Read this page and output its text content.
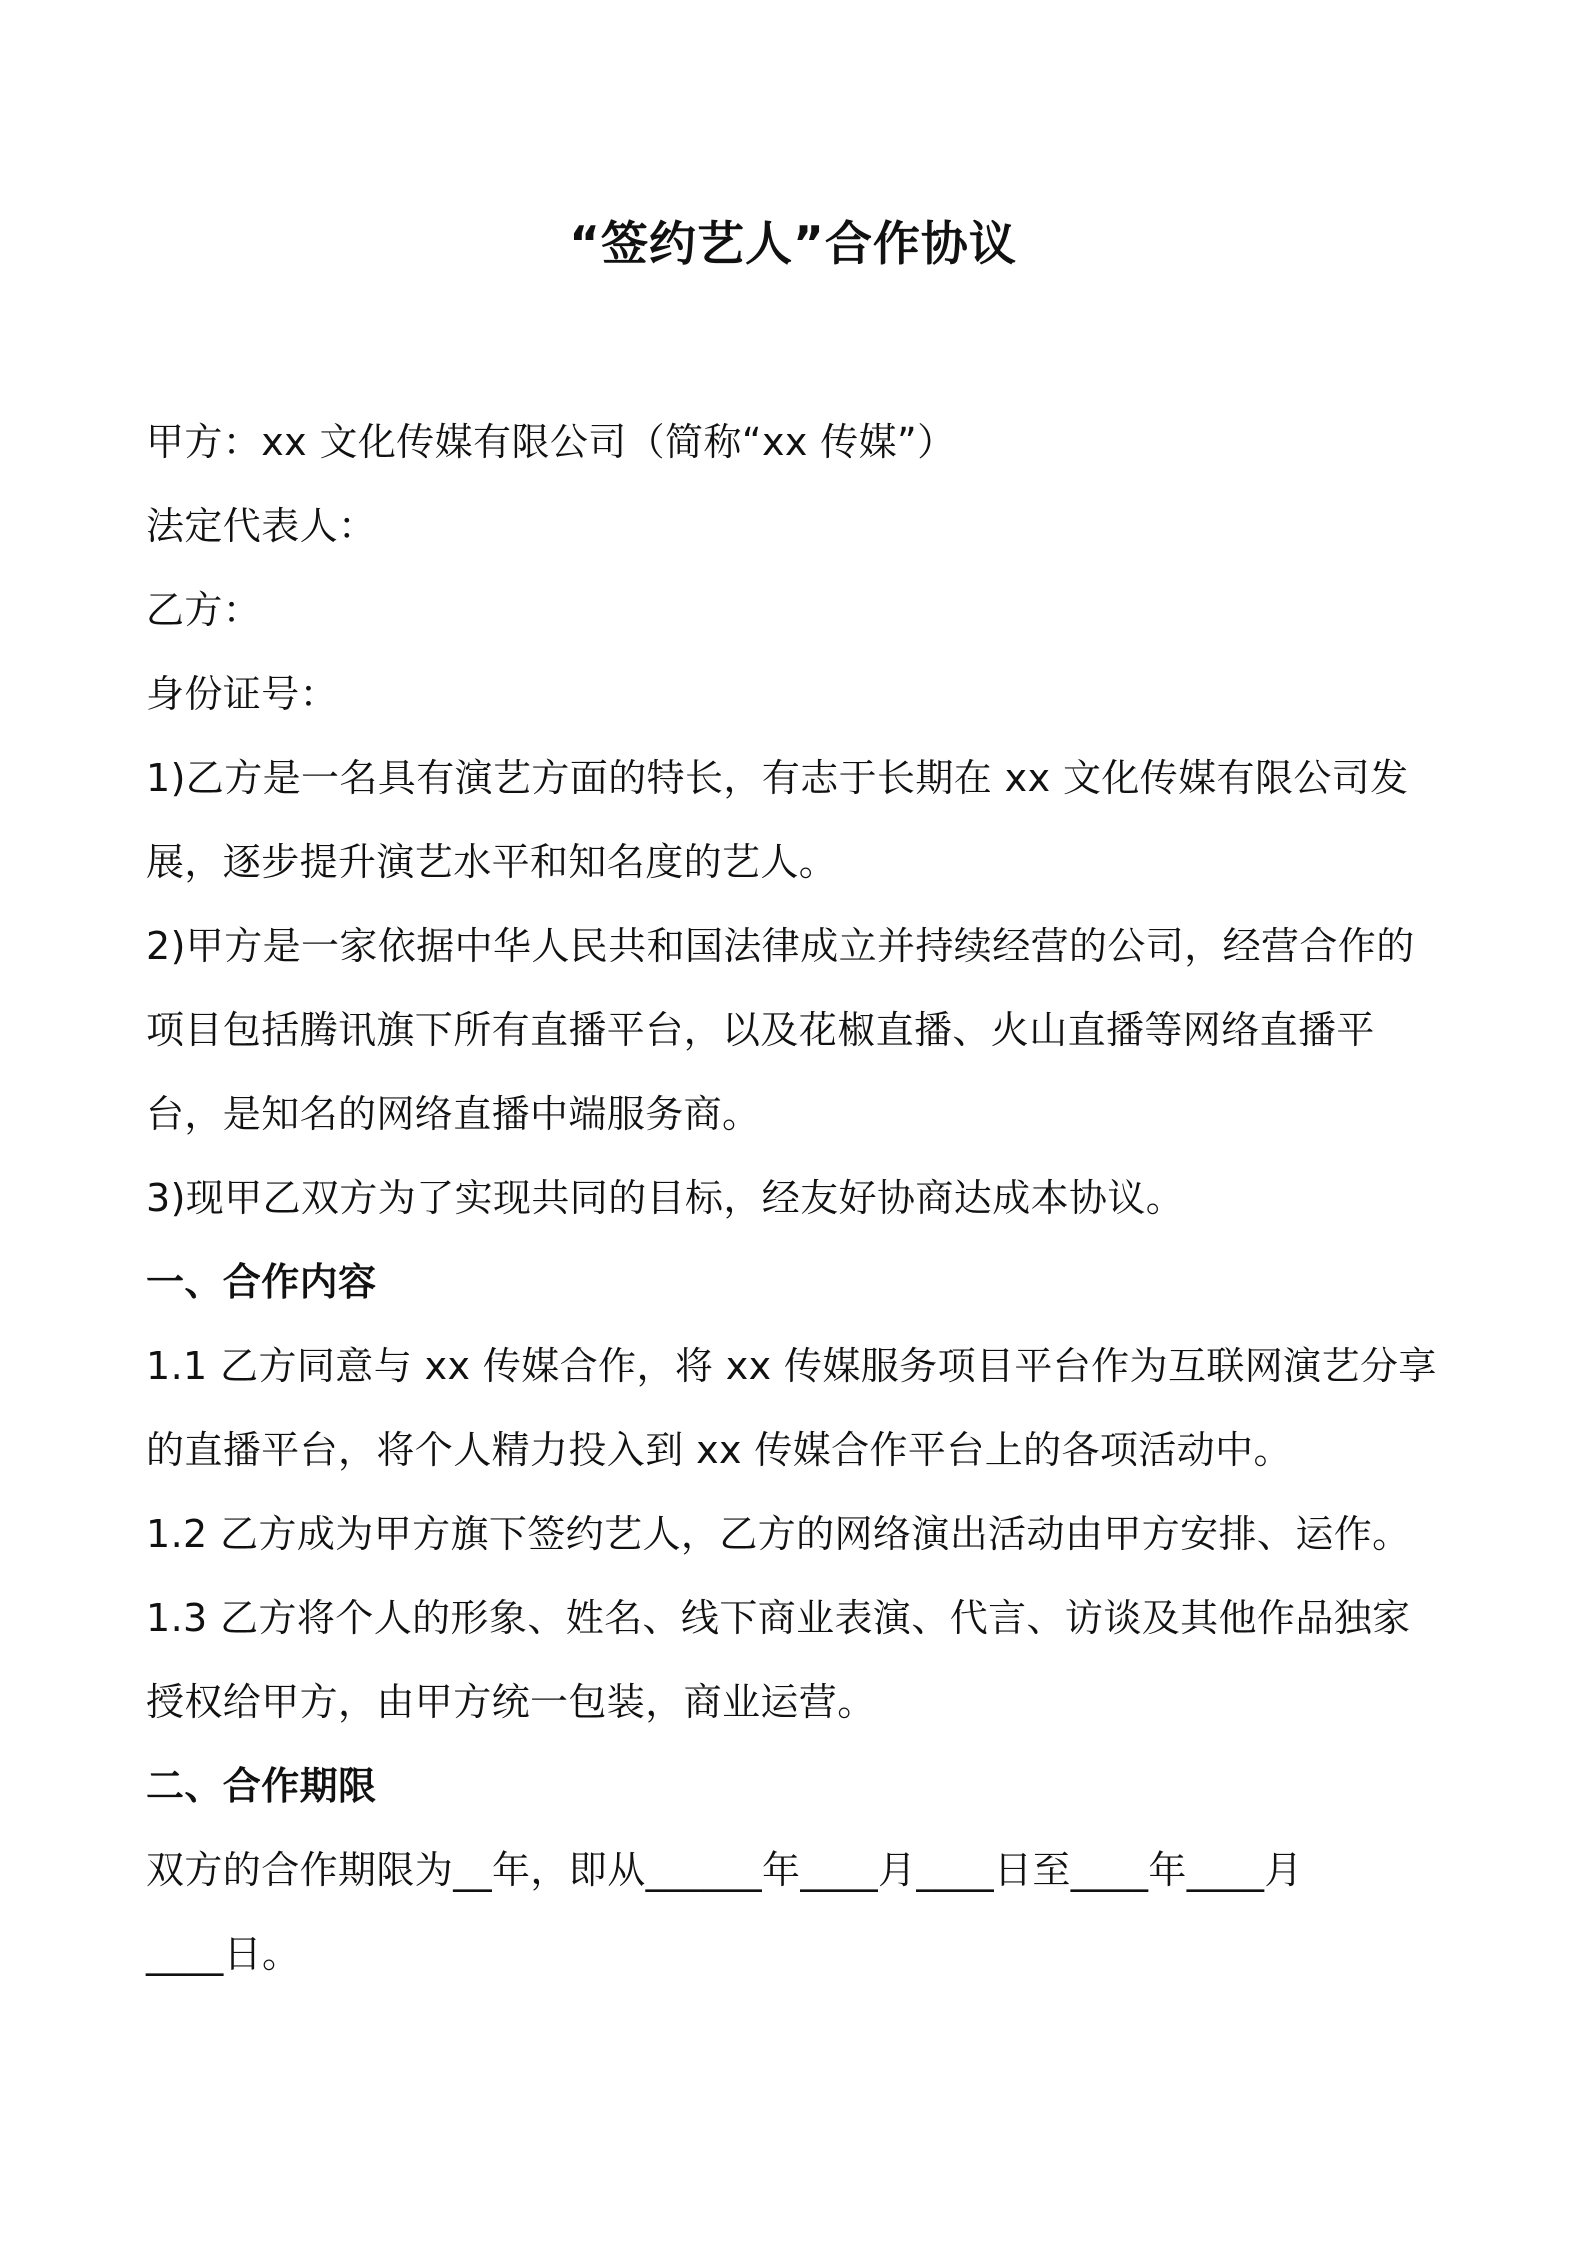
“签约艺人”合作协议
甲方：xx 文化传媒有限公司（简称“xx 传媒”）
法定代表人：
乙方：
身份证号：
1)乙方是一名具有演艺方面的特长，有志于长期在 xx 文化传媒有限公司发
展，逐步提升演艺水平和知名度的艺人。
2)甲方是一家依据中华人民共和国法律成立并持续经营的公司，经营合作的
项目包括腾讯旗下所有直播平台，以及花椒直播、火山直播等网络直播平
台，是知名的网络直播中端服务商。
3)现甲乙双方为了实现共同的目标，经友好协商达成本协议。
一、合作内容
1.1 乙方同意与 xx 传媒合作，将 xx 传媒服务项目平台作为互联网演艺分享
的直播平台，将个人精力投入到 xx 传媒合作平台上的各项活动中。
1.2 乙方成为甲方旗下签约艺人，乙方的网络演出活动由甲方安排、运作。
1.3 乙方将个人的形象、姓名、线下商业表演、代言、访谈及其他作品独家
授权给甲方，由甲方统一包装，商业运营。
二、合作期限
双方的合作期限为__年，即从______年____月____日至____年____月
____日。
